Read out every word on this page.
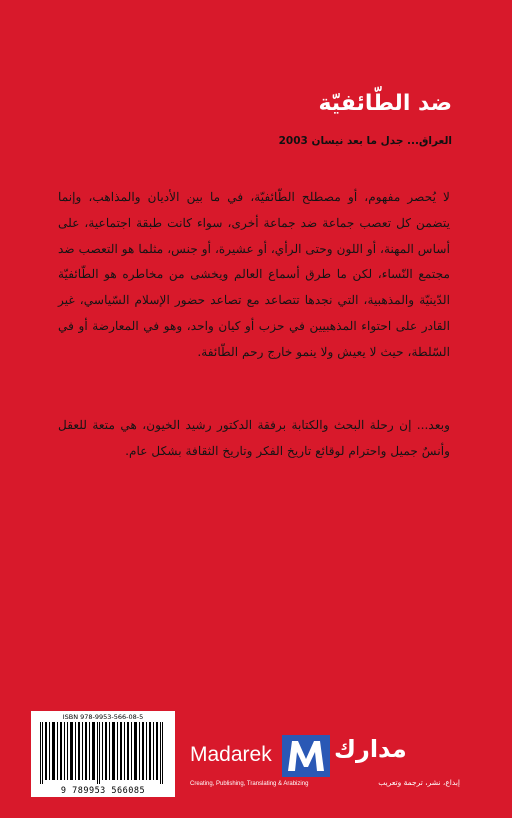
ضد الطّائفيّة
العراق... جدل ما بعد نيسان 2003
لا يُحصر مفهوم، أو مصطلح الطّائفيّة، في ما بين الأديان والمذاهب، وإنما يتضمن كل تعصب جماعة ضد جماعة أخرى، سواء كانت طبقة اجتماعية، على أساس المهنة، أو اللون وحتى الرأي، أو عشيرة، أو جنس، مثلما هو التعصب ضد مجتمع النّساء، لكن ما طرق أسماع العالم ويخشى من مخاطره هو الطّائفيّة الدّينيّة والمذهبية، التي نجدها تتصاعد مع تصاعد حضور الإسلام السّياسي، غير القادر على احتواء المذهبيين في حزب أو كيان واحد، وهو في المعارضة أو في السّلطة، حيث لا يعيش ولا ينمو خارج رحم الطّائفة.
وبعد... إن رحلة البحث والكتابة برفقة الدكتور رشيد الخيون، هي متعة للعقل وأنسٌ جميل واحترام لوقائع تاريخ الفكر وتاريخ الثقافة بشكل عام.
ISBN 978-9953-566-08-5
9 789953 566085
Madarek	مدارك
Creating, Publishing, Translating & Arabizing	إبداع، نشر، ترجمة وتعريب
